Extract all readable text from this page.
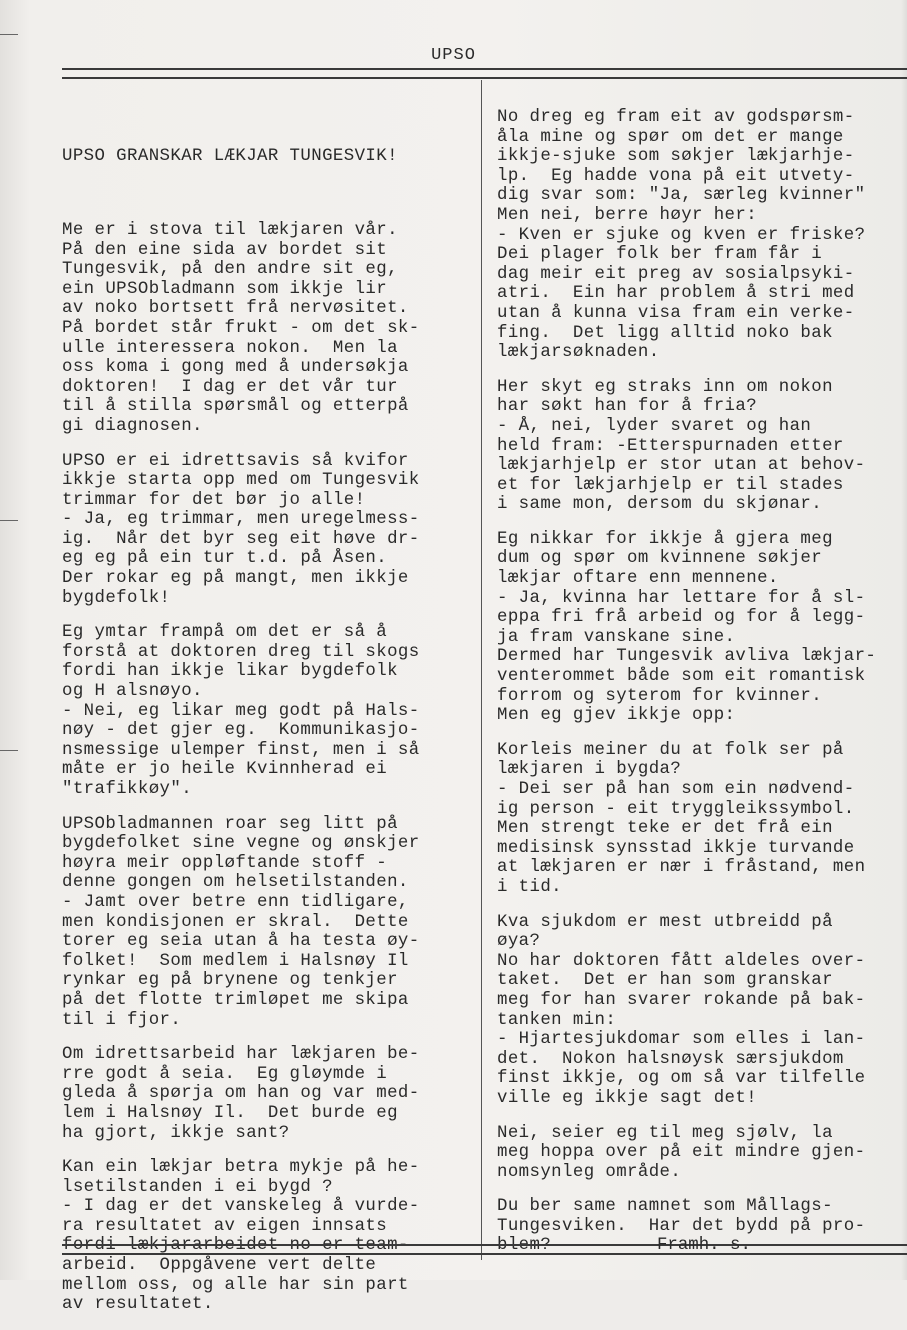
UPSO

UPSO GRANSKAR LÆKJAR TUNGESVIK!

Me er i stova til lækjaren vår.
På den eine sida av bordet sit
Tungesvik, på den andre sit eg,
ein UPSObladmann som ikkje lir
av noko bortsett frå nervøsitet.
På bordet står frukt - om det sk-
ulle interessera nokon.  Men la
oss koma i gong med å undersøkja
doktoren!  I dag er det vår tur
til å stilla spørsmål og etterpå
gi diagnosen.
UPSO er ei idrettsavis så kvifor
ikkje starta opp med om Tungesvik
trimmar for det bør jo alle!
- Ja, eg trimmar, men uregelmess-
ig.  Når det byr seg eit høve dr-
eg eg på ein tur t.d. på Åsen.
Der rokar eg på mangt, men ikkje
bygdefolk!
Eg ymtar frampå om det er så å
forstå at doktoren dreg til skogs
fordi han ikkje likar bygdefolk
og H alsnøyo.
- Nei, eg likar meg godt på Hals-
nøy - det gjer eg.  Kommunikasjo-
nsmessige ulemper finst, men i så
måte er jo heile Kvinnherad ei
"trafikkøy".
UPSObladmannen roar seg litt på
bygdefolket sine vegne og ønskjer
høyra meir oppløftande stoff -
denne gongen om helsetilstanden.
- Jamt over betre enn tidligare,
men kondisjonen er skral.  Dette
torer eg seia utan å ha testa øy-
folket!  Som medlem i Halsnøy Il
rynkar eg på brynene og tenkjer
på det flotte trimløpet me skipa
til i fjor.
Om idrettsarbeid har lækjaren be-
rre godt å seia.  Eg gløymde i
gleda å spørja om han og var med-
lem i Halsnøy Il.  Det burde eg
ha gjort, ikkje sant?
Kan ein lækjar betra mykje på he-
lsetilstanden i ei bygd ?
- I dag er det vanskeleg å vurde-
ra resultatet av eigen innsats
fordi lækjararbeidet no er team-
arbeid.  Oppgåvene vert delte
mellom oss, og alle har sin part
av resultatet.
No dreg eg fram eit av godspørsm-
åla mine og spør om det er mange
ikkje-sjuke som søkjer lækjarhje-
lp.  Eg hadde vona på eit utvety-
dig svar som: "Ja, særleg kvinner"
Men nei, berre høyr her:
- Kven er sjuke og kven er friske?
Dei plager folk ber fram får i
dag meir eit preg av sosialpsyki-
atri.  Ein har problem å stri med
utan å kunna visa fram ein verke-
fing.  Det ligg alltid noko bak
lækjarsøknaden.
Her skyt eg straks inn om nokon
har søkt han for å fria?
- Å, nei, lyder svaret og han
held fram: -Etterspurnaden etter
lækjarhjelp er stor utan at behov-
et for lækjarhjelp er til stades
i same mon, dersom du skjønar.
Eg nikkar for ikkje å gjera meg
dum og spør om kvinnene søkjer
lækjar oftare enn mennene.
- Ja, kvinna har lettare for å sl-
eppa fri frå arbeid og for å legg-
ja fram vanskane sine.
Dermed har Tungesvik avliva lækjar-
venterommet både som eit romantisk
forrom og syterom for kvinner.
Men eg gjev ikkje opp:
Korleis meiner du at folk ser på
lækjaren i bygda?
- Dei ser på han som ein nødvend-
ig person - eit tryggleikssymbol.
Men strengt teke er det frå ein
medisinsk synsstad ikkje turvande
at lækjaren er nær i fråstand, men
i tid.
Kva sjukdom er mest utbreidd på
øya?
No har doktoren fått aldeles over-
taket.  Det er han som granskar
meg for han svarer rokande på bak-
tanken min:
- Hjartesjukdomar som elles i lan-
det.  Nokon halsnøysk særsjukdom
finst ikkje, og om så var tilfelle
ville eg ikkje sagt det!
Nei, seier eg til meg sjølv, la
meg hoppa over på eit mindre gjen-
nomsynleg område.
Du ber same namnet som Mållags-
Tungesviken.  Har det bydd på pro-
blem?	Framh. s.
